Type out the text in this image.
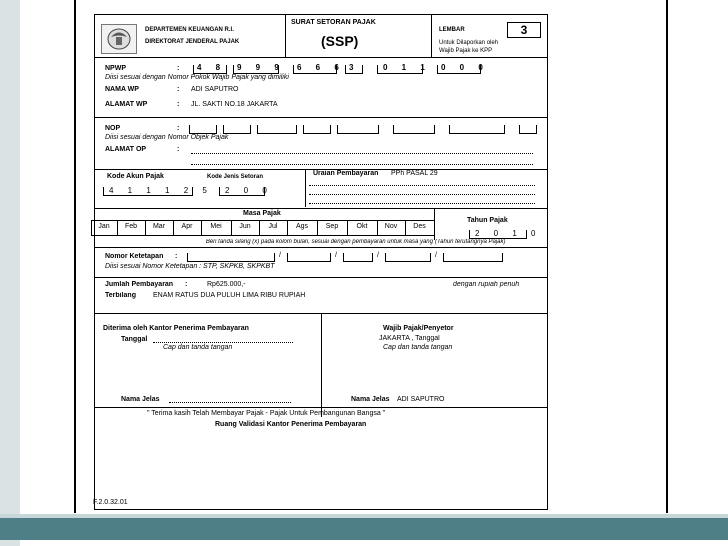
DEPARTEMEN KEUANGAN R.I.
DIREKTORAT JENDERAL PAJAK
SURAT SETORAN PAJAK
(SSP)
LEMBAR	3
Untuk Dilaporkan oleh
Wajib Pajak ke KPP
NPWP	: 4 8 9 9 9 6 6 6 3	0 1 1 0 0 0
Diisi sesuai dengan Nomor Pokok Wajib Pajak yang dimiliki
NAMA WP	: ADI SAPUTRO
ALAMAT WP	: JL. SAKTI NO.18 JAKARTA
NOP	:
Diisi sesuai dengan Nomor Objek Pajak
ALAMAT OP	:
Kode Akun Pajak
4 1 1 1 2 5
Kode Jenis Setoran
2 0 0
Uraian Pembayaran PPh PASAL 29
Masa Pajak
Tahun Pajak
2 0 1 0
Jan	Feb	Mar	Apr	Mei	Jun	Jul	Ags	Sep	Okt	Nov	Des
Beri tanda silang (x) pada kolom bulan, sesuai dengan pembayaran untuk masa yang (Tahun terutangnya Pajak)
Nomor Ketetapan :	/	/	/	/
Diisi sesuai Nomor Ketetapan : STP, SKPKB, SKPKBT
Jumlah Pembayaran	:	Rp625.000,-	dengan rupiah penuh
Terbilang	ENAM RATUS DUA PULUH LIMA RIBU RUPIAH
Diterima oleh Kantor Penerima Pembayaran
Tanggal
Cap dan tanda tangan
Wajib Pajak/Penyetor
JAKARTA , Tanggal
Cap dan tanda tangan
Nama Jelas	Nama Jelas ADI SAPUTRO
" Terima kasih Telah Membayar Pajak - Pajak Untuk Pembangunan Bangsa "
Ruang Validasi Kantor Penerima Pembayaran
F.2.0.32.01
